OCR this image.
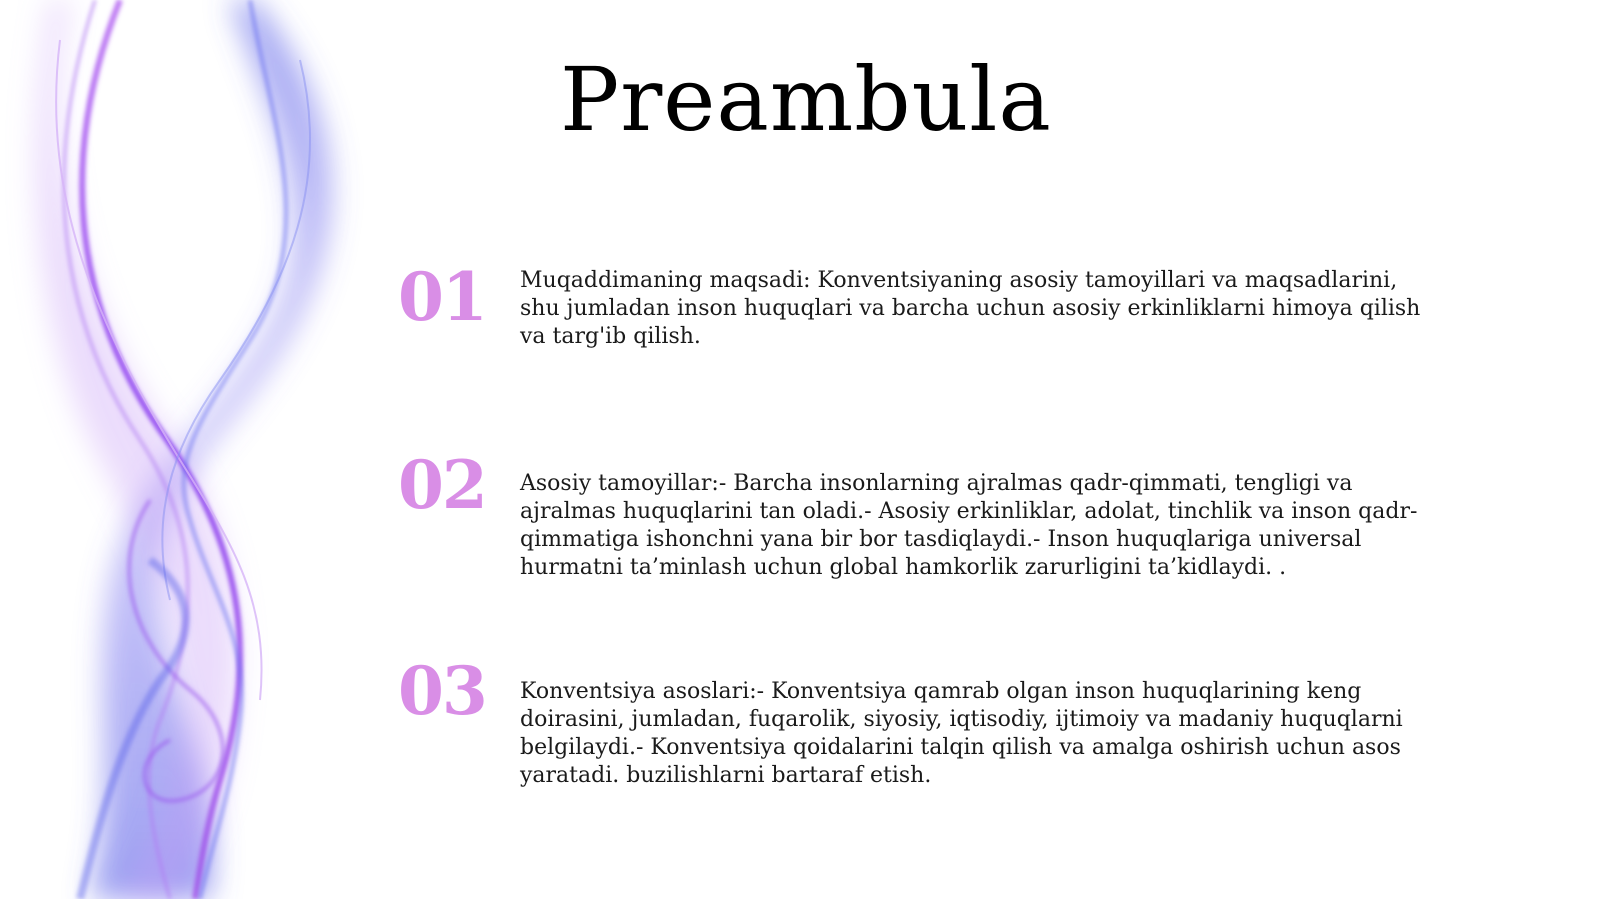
Preambula
01 Muqaddimaning maqsadi: Konventsiyaning asosiy tamoyillari va maqsadlarini, shu jumladan inson huquqlari va barcha uchun asosiy erkinliklarni himoya qilish va targ'ib qilish.

02 Asosiy tamoyillar:- Barcha insonlarning ajralmas qadr-qimmati, tengligi va ajralmas huquqlarini tan oladi.- Asosiy erkinliklar, adolat, tinchlik va inson qadr-qimmatiga ishonchni yana bir bor tasdiqlaydi.- Inson huquqlariga universal hurmatni ta’minlash uchun global hamkorlik zarurligini ta’kidlaydi. .

03 Konventsiya asoslari:- Konventsiya qamrab olgan inson huquqlarining keng doirasini, jumladan, fuqarolik, siyosiy, iqtisodiy, ijtimoiy va madaniy huquqlarni belgilaydi.- Konventsiya qoidalarini talqin qilish va amalga oshirish uchun asos yaratadi. buzilishlarni bartaraf etish.
